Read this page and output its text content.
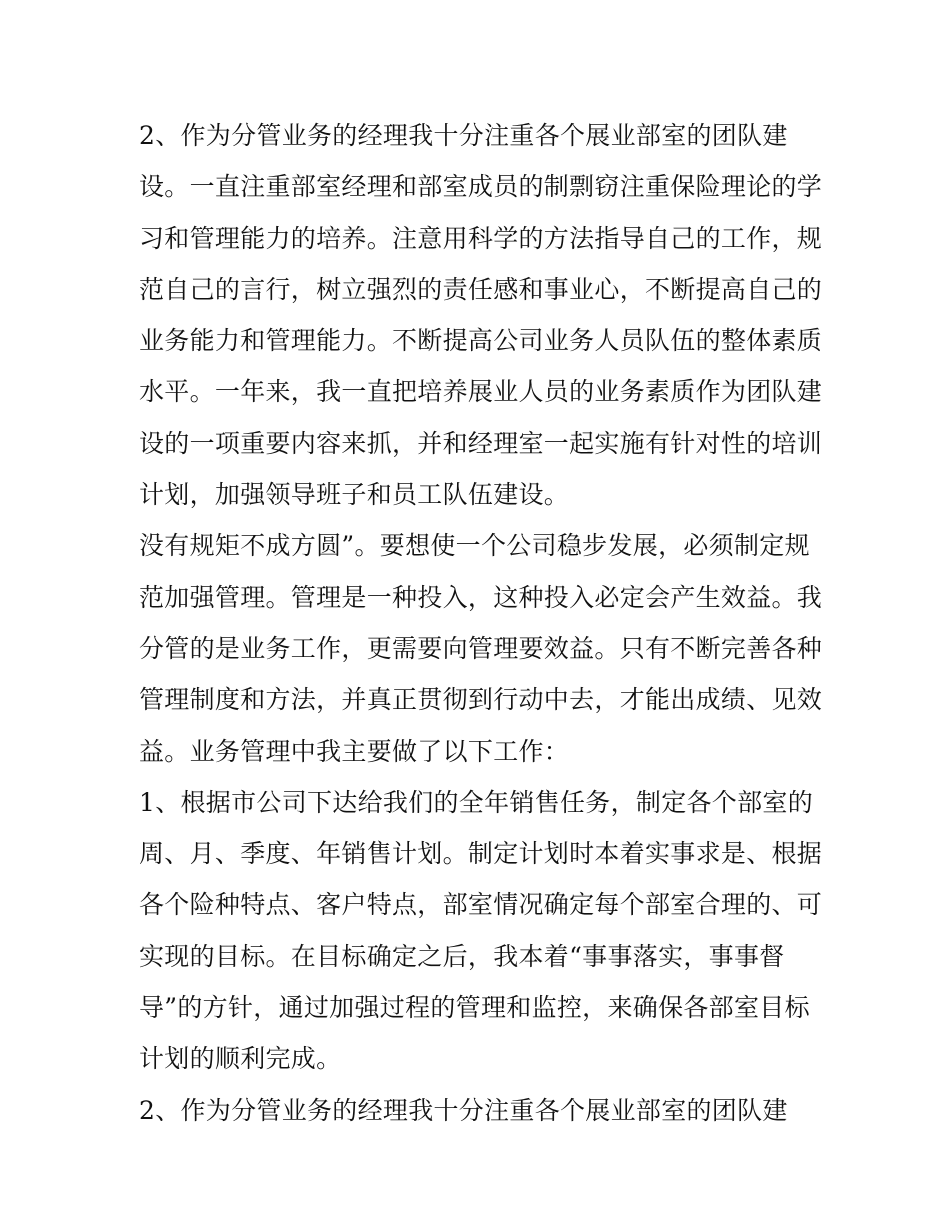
2、作为分管业务的经理我十分注重各个展业部室的团队建
设。一直注重部室经理和部室成员的制剽窃注重保险理论的学
习和管理能力的培养。注意用科学的方法指导自己的工作，规
范自己的言行，树立强烈的责任感和事业心，不断提高自己的
业务能力和管理能力。不断提高公司业务人员队伍的整体素质
水平。一年来，我一直把培养展业人员的业务素质作为团队建
设的一项重要内容来抓，并和经理室一起实施有针对性的培训
计划，加强领导班子和员工队伍建设。
没有规矩不成方圆”。要想使一个公司稳步发展，必须制定规
范加强管理。管理是一种投入，这种投入必定会产生效益。我
分管的是业务工作，更需要向管理要效益。只有不断完善各种
管理制度和方法，并真正贯彻到行动中去，才能出成绩、见效
益。业务管理中我主要做了以下工作：
1、根据市公司下达给我们的全年销售任务，制定各个部室的
周、月、季度、年销售计划。制定计划时本着实事求是、根据
各个险种特点、客户特点，部室情况确定每个部室合理的、可
实现的目标。在目标确定之后，我本着“事事落实，事事督
导”的方针，通过加强过程的管理和监控，来确保各部室目标
计划的顺利完成。
2、作为分管业务的经理我十分注重各个展业部室的团队建
